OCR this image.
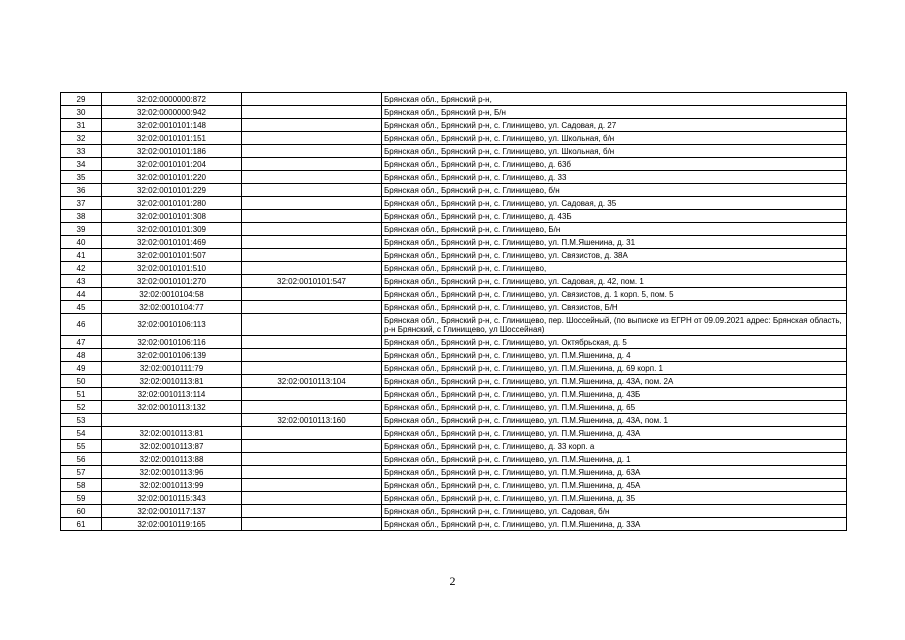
29	32:02:0000000:872		Брянская обл., Брянский р-н,
30	32:02:0000000:942		Брянская обл., Брянский р-н, Б/н
31	32:02:0010101:148		Брянская обл., Брянский р-н, с. Глинищево, ул. Садовая, д. 27
32	32:02:0010101:151		Брянская обл., Брянский р-н, с. Глинищево, ул. Школьная, б/н
33	32:02:0010101:186		Брянская обл., Брянский р-н, с. Глинищево, ул. Школьная, б/н
34	32:02:0010101:204		Брянская обл., Брянский р-н, с. Глинищево, д. 63б
35	32:02:0010101:220		Брянская обл., Брянский р-н, с. Глинищево, д. 33
36	32:02:0010101:229		Брянская обл., Брянский р-н, с. Глинищево, б/н
37	32:02:0010101:280		Брянская обл., Брянский р-н, с. Глинищево, ул. Садовая, д. 35
38	32:02:0010101:308		Брянская обл., Брянский р-н, с. Глинищево, д. 43Б
39	32:02:0010101:309		Брянская обл., Брянский р-н, с. Глинищево, Б/н
40	32:02:0010101:469		Брянская обл., Брянский р-н, с. Глинищево, ул. П.М.Яшенина, д. 31
41	32:02:0010101:507		Брянская обл., Брянский р-н, с. Глинищево, ул. Связистов, д. 38А
42	32:02:0010101:510		Брянская обл., Брянский р-н, с. Глинищево,
43	32:02:0010101:270	32:02:0010101:547	Брянская обл., Брянский р-н, с. Глинищево, ул. Садовая, д. 42, пом. 1
44	32:02:0010104:58		Брянская обл., Брянский р-н, с. Глинищево, ул. Связистов, д. 1 корп. 5, пом. 5
45	32:02:0010104:77		Брянская обл., Брянский р-н, с. Глинищево, ул. Связистов, Б/Н
46	32:02:0010106:113		Брянская обл., Брянский р-н, с. Глинищево, пер. Шоссейный, (по выписке из ЕГРН от 09.09.2021 адрес: Брянская область, р-н Брянский, с Глинищево, ул Шоссейная)
47	32:02:0010106:116		Брянская обл., Брянский р-н, с. Глинищево, ул. Октябрьская, д. 5
48	32:02:0010106:139		Брянская обл., Брянский р-н, с. Глинищево, ул. П.М.Яшенина, д. 4
49	32:02:0010111:79		Брянская обл., Брянский р-н, с. Глинищево, ул. П.М.Яшенина, д. 69 корп. 1
50	32:02:0010113:81	32:02:0010113:104	Брянская обл., Брянский р-н, с. Глинищево, ул. П.М.Яшенина, д. 43А, пом. 2А
51	32:02:0010113:114		Брянская обл., Брянский р-н, с. Глинищево, ул. П.М.Яшенина, д. 43Б
52	32:02:0010113:132		Брянская обл., Брянский р-н, с. Глинищево, ул. П.М.Яшенина, д. 65
53		32:02:0010113:160	Брянская обл., Брянский р-н, с. Глинищево, ул. П.М.Яшенина, д. 43А, пом. 1
54	32:02:0010113:81		Брянская обл., Брянский р-н, с. Глинищево, ул. П.М.Яшенина, д. 43А
55	32:02:0010113:87		Брянская обл., Брянский р-н, с. Глинищево, д. 33 корп. а
56	32:02:0010113:88		Брянская обл., Брянский р-н, с. Глинищево, ул. П.М.Яшенина, д. 1
57	32:02:0010113:96		Брянская обл., Брянский р-н, с. Глинищево, ул. П.М.Яшенина, д. 63А
58	32:02:0010113:99		Брянская обл., Брянский р-н, с. Глинищево, ул. П.М.Яшенина, д. 45А
59	32:02:0010115:343		Брянская обл., Брянский р-н, с. Глинищево, ул. П.М.Яшенина, д. 35
60	32:02:0010117:137		Брянская обл., Брянский р-н, с. Глинищево, ул. Садовая, б/н
61	32:02:0010119:165		Брянская обл., Брянский р-н, с. Глинищево, ул. П.М.Яшенина, д. 33А
2
